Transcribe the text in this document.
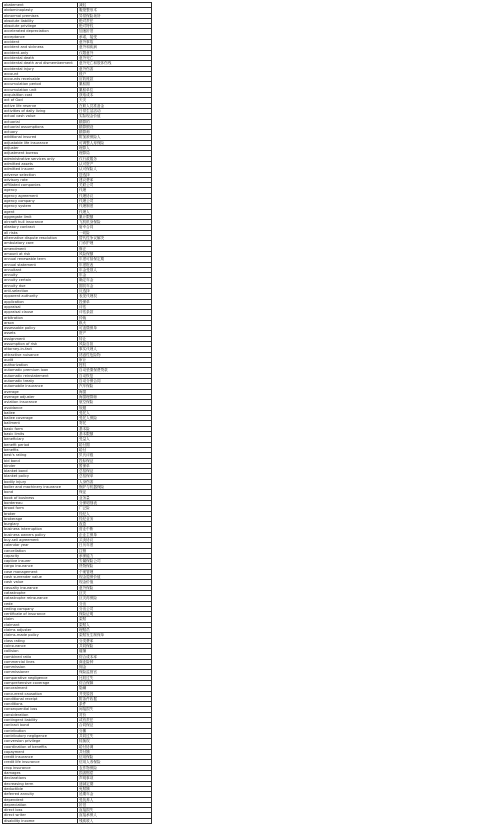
abatement	减轻
abdominoplasty	腹壁整形术
abnormal premises	异常保险场所
absolute liability	绝对责任
absolute privilege	绝对特权
accelerated depreciation	加速折旧
acceptance	承诺，接受
accident	意外事故
accident and sickness	意外和疾病
accident-only	仅限意外
accidental death	意外死亡
accidental death and dismemberment	意外死亡和肢体伤残
accidental injury	意外伤害
account	账户
accounts receivable	应收账款
accumulation period	累积期
accumulation unit	累积单位
acquisition cost	获取成本
act of God	天灾
active life reserve	在职人员准备金
activities of daily living	日常生活活动
actual cash value	实际现金价值
actuarial	精算的
actuarial assumptions	精算假设
actuary	精算师
additional insured	附加被保险人
adjustable life insurance	可调整人寿保险
adjuster	理算人
adjustment bureau	理算局
administrative services only	仅行政服务
admitted assets	认可资产
admitted insurer	认可保险人
adverse selection	逆选择
advisory rate	建议费率
affiliated companies	关联公司
agency	代理
agency agreement	代理协议
agency company	代理公司
agency system	代理制度
agent	代理人
aggregate limit	累计限额
aircraft hull insurance	飞机机身保险
aleatory contract	射幸合同
all risks	一切险
alternative dispute resolution	替代性争议解决
ambulatory care	门诊护理
amendment	修正
amount at risk	风险保额
annual renewable term	年度可续保定期
annual statement	年度报表
annuitant	年金受领人
annuity	年金
annuity certain	确定年金
annuity due	期初年金
anti-selection	反选择
apparent authority	表见代理权
application	投保单
appraisal	评估
appraisal clause	评估条款
arbitration	仲裁
arson	纵火
assessable policy	可追缴保单
assets	资产
assignment	转让
assumption of risk	风险自担
attorney-in-fact	事实代理人
attractive nuisance	诱惑性危险物
audit	审计
authorization	授权
automatic premium loan	自动垫缴保费贷款
automatic reinstatement	自动恢复
automatic treaty	自动分保合同
automobile insurance	汽车保险
average	海损
average adjuster	海损理算师
aviation insurance	航空保险
avoidance	规避
bailee	受托人
bailee coverage	受托人保险
bailment	寄托
basic form	基本险
basic limits	基本限额
beneficiary	受益人
benefit period	给付期
benefits	给付
best's rating	贝氏评级
bid bond	投标保证
binder	暂保单
blanket bond	总括保证
blanket policy	总括保单
bodily injury	人身伤害
boiler and machinery insurance	锅炉与机器保险
bond	保证
book of business	业务量
bordereau	分保明细表
broad form	广泛险
broker	经纪人
brokerage	经纪业务
burglary	夜盗
business interruption	营业中断
business owners policy	企业主保单
buy-sell agreement	买卖协议
calendar year	日历年度
cancellation	注销
capacity	承保能力
captive insurer	专属保险公司
cargo insurance	货物保险
case management	个案管理
cash surrender value	现金退保价值
cash value	现金价值
casualty insurance	意外保险
catastrophe	巨灾
catastrophe reinsurance	巨灾再保险
cede	分出
ceding company	分出公司
certificate of insurance	保险证明
claim	索赔
claimant	索赔人
claims adjuster	理赔员
claims-made policy	索赔发生制保单
class rating	分类费率
coinsurance	共同保险
collision	碰撞
combined ratio	综合成本率
commercial lines	商业险种
commission	佣金
commissioner	保险监督官
comparative negligence	比较过失
comprehensive coverage	综合保障
concealment	隐瞒
concurrent causation	并发原因
conditional receipt	附条件收据
conditions	条件
consequential loss	间接损失
consideration	对价
contingent liability	或有责任
contract bond	合同保证
contribution	分摊
contributory negligence	共同过失
conversion privilege	转换权
coordination of benefits	给付协调
copayment	共付额
credit insurance	信用保险
credit life insurance	信用人寿保险
crop insurance	农作物保险
damages	损害赔偿
declarations	声明事项
decreasing term	递减定期
deductible	免赔额
deferred annuity	延期年金
dependent	受抚养人
depreciation	折旧
direct loss	直接损失
direct writer	直接承保人
disability income	残疾收入
